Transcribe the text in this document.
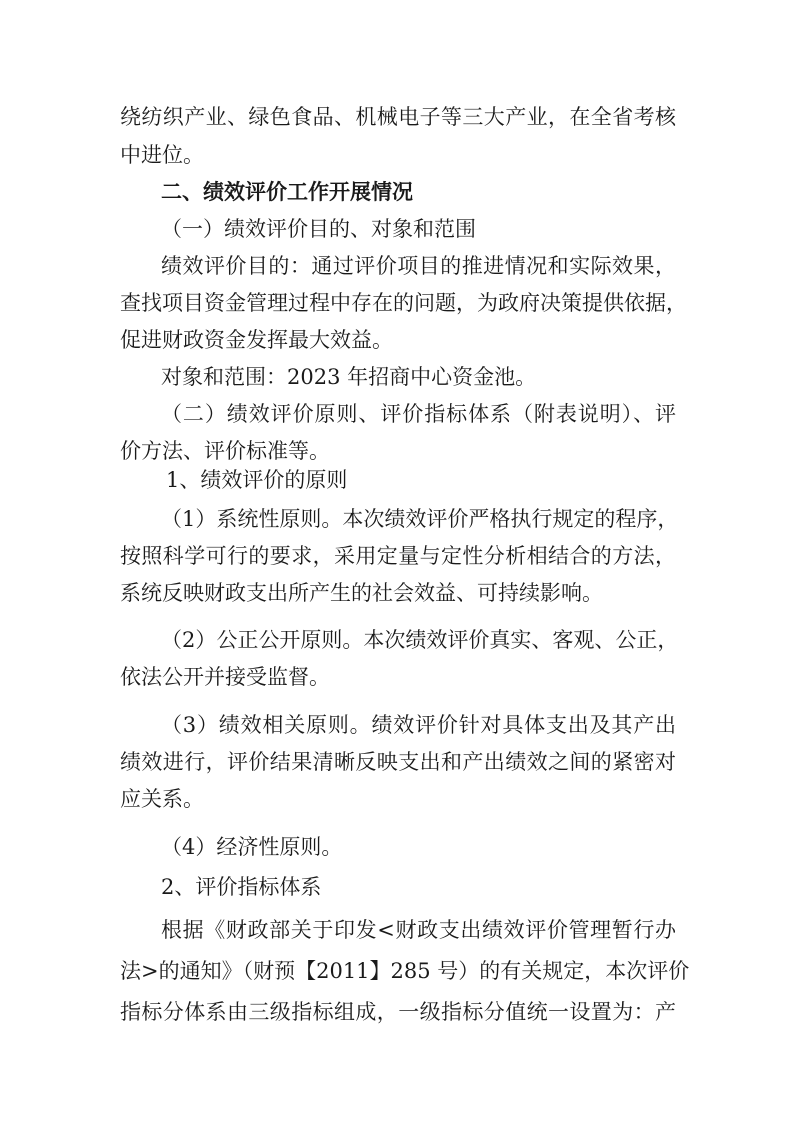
绕纺织产业、绿色食品、机械电子等三大产业，在全省考核
中进位。
二、绩效评价工作开展情况
（一）绩效评价目的、对象和范围
绩效评价目的：通过评价项目的推进情况和实际效果，
查找项目资金管理过程中存在的问题，为政府决策提供依据，
促进财政资金发挥最大效益。
对象和范围：2023 年招商中心资金池。
（二）绩效评价原则、评价指标体系（附表说明）、评
价方法、评价标准等。
1、绩效评价的原则
（1）系统性原则。本次绩效评价严格执行规定的程序，
按照科学可行的要求，采用定量与定性分析相结合的方法，
系统反映财政支出所产生的社会效益、可持续影响。
（2）公正公开原则。本次绩效评价真实、客观、公正，
依法公开并接受监督。
（3）绩效相关原则。绩效评价针对具体支出及其产出
绩效进行，评价结果清晰反映支出和产出绩效之间的紧密对
应关系。
（4）经济性原则。
2、评价指标体系
根据《财政部关于印发<财政支出绩效评价管理暂行办
法>的通知》（财预【2011】285 号）的有关规定，本次评价
指标分体系由三级指标组成，一级指标分值统一设置为：产
